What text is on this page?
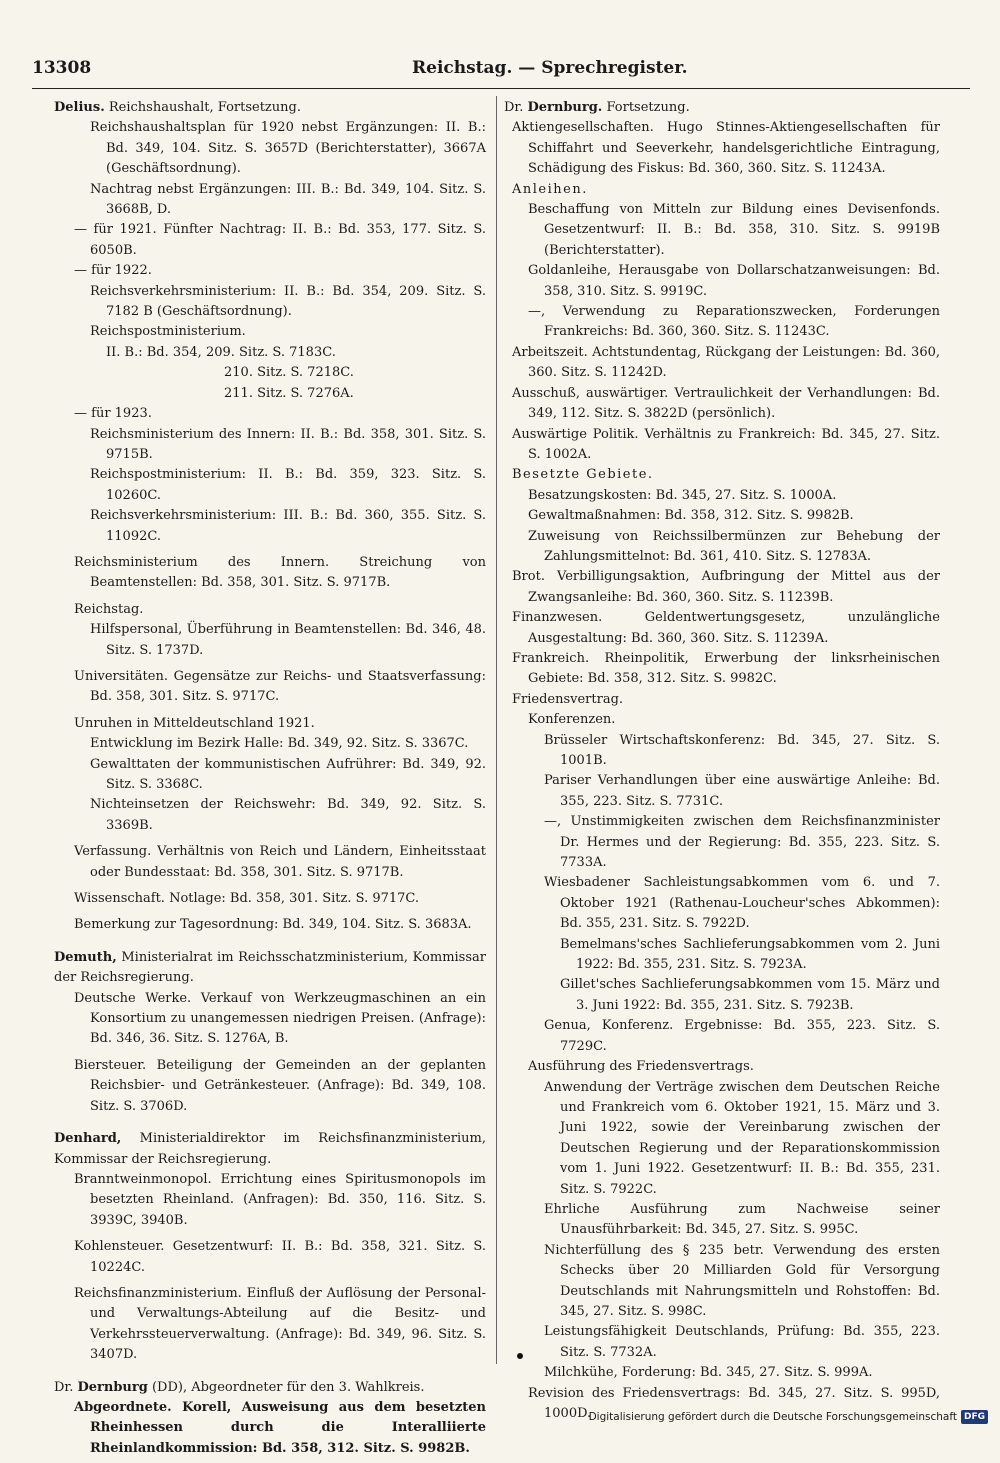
13308	Reichstag. — Sprechregister.
Delius. Reichshaushalt, Fortsetzung.
Reichshaushaltsplan für 1920 nebst Ergänzungen: II. B.: Bd. 349, 104. Sitz. S. 3657D (Berichterstatter), 3667A (Geschäftsordnung).
Nachtrag nebst Ergänzungen: III. B.: Bd. 349, 104. Sitz. S. 3668B, D.
— für 1921. Fünfter Nachtrag: II. B.: Bd. 353, 177. Sitz. S. 6050B.
— für 1922.
Reichsverkehrsministerium: II. B.: Bd. 354, 209. Sitz. S. 7182 B (Geschäftsordnung).
Reichspostministerium.
II. B.: Bd. 354, 209. Sitz. S. 7183C.
210. Sitz. S. 7218C.
211. Sitz. S. 7276A.
— für 1923.
Reichsministerium des Innern: II. B.: Bd. 358, 301. Sitz. S. 9715B.
Reichspostministerium: II. B.: Bd. 359, 323. Sitz. S. 10260C.
Reichsverkehrsministerium: III. B.: Bd. 360, 355. Sitz. S. 11092C.
Reichsministerium des Innern. Streichung von Beamtenstellen: Bd. 358, 301. Sitz. S. 9717B.
Reichstag.
Hilfspersonal, Überführung in Beamtenstellen: Bd. 346, 48. Sitz. S. 1737D.
Universitäten. Gegensätze zur Reichs- und Staatsverfassung: Bd. 358, 301. Sitz. S. 9717C.
Unruhen in Mitteldeutschland 1921.
Entwicklung im Bezirk Halle: Bd. 349, 92. Sitz. S. 3367C.
Gewalttaten der kommunistischen Aufrührer: Bd. 349, 92. Sitz. S. 3368C.
Nichteinsetzen der Reichswehr: Bd. 349, 92. Sitz. S. 3369B.
Verfassung. Verhältnis von Reich und Ländern, Einheitsstaat oder Bundesstaat: Bd. 358, 301. Sitz. S. 9717B.
Wissenschaft. Notlage: Bd. 358, 301. Sitz. S. 9717C.
Bemerkung zur Tagesordnung: Bd. 349, 104. Sitz. S. 3683A.
Demuth, Ministerialrat im Reichsschatzministerium, Kommissar der Reichsregierung.
Deutsche Werke. Verkauf von Werkzeugmaschinen an ein Konsortium zu unangemessen niedrigen Preisen. (Anfrage): Bd. 346, 36. Sitz. S. 1276A, B.
Biersteuer. Beteiligung der Gemeinden an der geplanten Reichsbier- und Getränkesteuer. (Anfrage): Bd. 349, 108. Sitz. S. 3706D.
Denhard, Ministerialdirektor im Reichsfinanzministerium, Kommissar der Reichsregierung.
Branntweinmonopol. Errichtung eines Spiritusmonopols im besetzten Rheinland. (Anfragen): Bd. 350, 116. Sitz. S. 3939C, 3940B.
Kohlensteuer. Gesetzentwurf: II. B.: Bd. 358, 321. Sitz. S. 10224C.
Reichsfinanzministerium. Einfluß der Auflösung der Personal- und Verwaltungs-Abteilung auf die Besitz- und Verkehrssteuerverwaltung. (Anfrage): Bd. 349, 96. Sitz. S. 3407D.
Dr. Dernburg (DD), Abgeordneter für den 3. Wahlkreis.
Abgeordnete. Korell, Ausweisung aus dem besetzten Rheinhessen durch die Interalliierte Rheinlandkommission: Bd. 358, 312. Sitz. S. 9982B.
Dr. Dernburg. Fortsetzung.
Aktiengesellschaften. Hugo Stinnes-Aktiengesellschaften für Schiffahrt und Seeverkehr, handelsgerichtliche Eintragung, Schädigung des Fiskus: Bd. 360, 360. Sitz. S. 11243A.
Anleihen.
Beschaffung von Mitteln zur Bildung eines Devisenfonds. Gesetzentwurf: II. B.: Bd. 358, 310. Sitz. S. 9919B (Berichterstatter).
Goldanleihe, Herausgabe von Dollarschatzanweisungen: Bd. 358, 310. Sitz. S. 9919C.
—, Verwendung zu Reparationszwecken, Forderungen Frankreichs: Bd. 360, 360. Sitz. S. 11243C.
Arbeitszeit. Achtstundentag, Rückgang der Leistungen: Bd. 360, 360. Sitz. S. 11242D.
Ausschuß, auswärtiger. Vertraulichkeit der Verhandlungen: Bd. 349, 112. Sitz. S. 3822D (persönlich).
Auswärtige Politik. Verhältnis zu Frankreich: Bd. 345, 27. Sitz. S. 1002A.
Besetzte Gebiete.
Besatzungskosten: Bd. 345, 27. Sitz. S. 1000A.
Gewaltmaßnahmen: Bd. 358, 312. Sitz. S. 9982B.
Zuweisung von Reichssilbermünzen zur Behebung der Zahlungsmittelnot: Bd. 361, 410. Sitz. S. 12783A.
Brot. Verbilligungsaktion, Aufbringung der Mittel aus der Zwangsanleihe: Bd. 360, 360. Sitz. S. 11239B.
Finanzwesen. Geldentwertungsgesetz, unzulängliche Ausgestaltung: Bd. 360, 360. Sitz. S. 11239A.
Frankreich. Rheinpolitik, Erwerbung der linksrheinischen Gebiete: Bd. 358, 312. Sitz. S. 9982C.
Friedensvertrag.
Konferenzen.
Brüsseler Wirtschaftskonferenz: Bd. 345, 27. Sitz. S. 1001B.
Pariser Verhandlungen über eine auswärtige Anleihe: Bd. 355, 223. Sitz. S. 7731C.
—, Unstimmigkeiten zwischen dem Reichsfinanzminister Dr. Hermes und der Regierung: Bd. 355, 223. Sitz. S. 7733A.
Wiesbadener Sachleistungsabkommen vom 6. und 7. Oktober 1921 (Rathenau-Loucheur'sches Abkommen): Bd. 355, 231. Sitz. S. 7922D.
Bemelmans'sches Sachlieferungsabkommen vom 2. Juni 1922: Bd. 355, 231. Sitz. S. 7923A.
Gillet'sches Sachlieferungsabkommen vom 15. März und 3. Juni 1922: Bd. 355, 231. Sitz. S. 7923B.
Genua, Konferenz. Ergebnisse: Bd. 355, 223. Sitz. S. 7729C.
Ausführung des Friedensvertrags.
Anwendung der Verträge zwischen dem Deutschen Reiche und Frankreich vom 6. Oktober 1921, 15. März und 3. Juni 1922, sowie der Vereinbarung zwischen der Deutschen Regierung und der Reparationskommission vom 1. Juni 1922. Gesetzentwurf: II. B.: Bd. 355, 231. Sitz. S. 7922C.
Ehrliche Ausführung zum Nachweise seiner Unausführbarkeit: Bd. 345, 27. Sitz. S. 995C.
Nichterfüllung des § 235 betr. Verwendung des ersten Schecks über 20 Milliarden Gold für Versorgung Deutschlands mit Nahrungsmitteln und Rohstoffen: Bd. 345, 27. Sitz. S. 998C.
Leistungsfähigkeit Deutschlands, Prüfung: Bd. 355, 223. Sitz. S. 7732A.
Milchkühe, Forderung: Bd. 345, 27. Sitz. S. 999A.
Revision des Friedensvertrags: Bd. 345, 27. Sitz. S. 995D, 1000D.
Digitalisierung gefördert durch die Deutsche Forschungsgemeinschaft DFG
